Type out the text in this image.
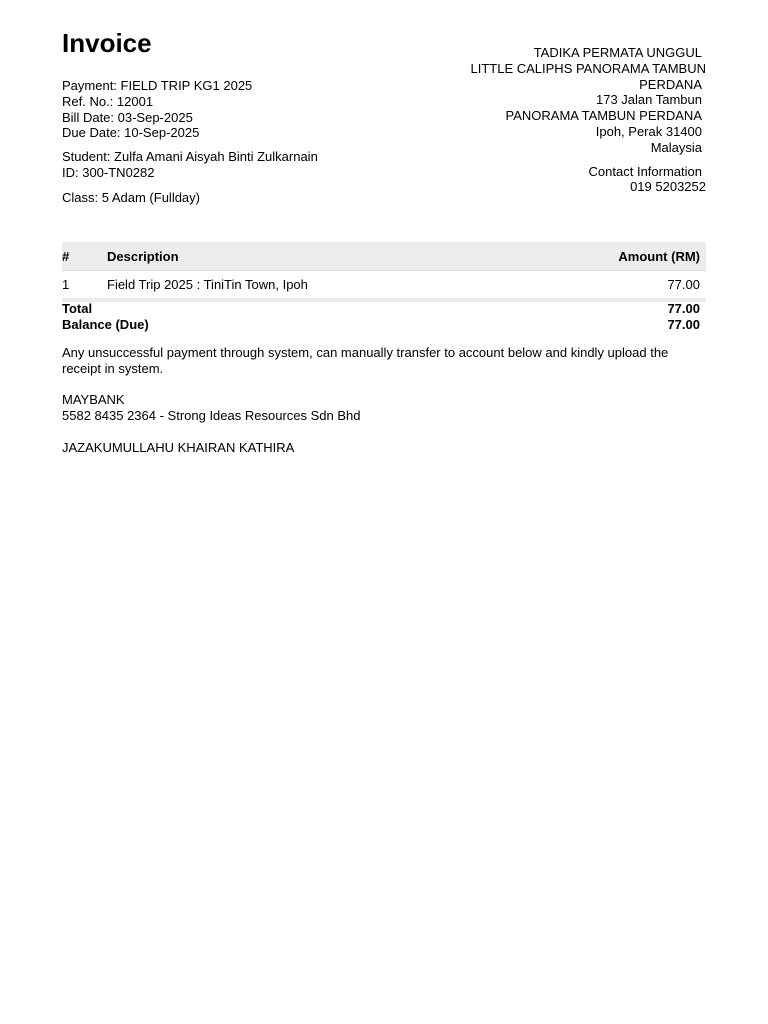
Invoice
Payment: FIELD TRIP KG1 2025
Ref. No.: 12001
Bill Date: 03-Sep-2025
Due Date: 10-Sep-2025
Student: Zulfa Amani Aisyah Binti Zulkarnain
ID: 300-TN0282
Class: 5 Adam (Fullday)
TADIKA PERMATA UNGGUL
LITTLE CALIPHS PANORAMA TAMBUN
PERDANA
173 Jalan Tambun
PANORAMA TAMBUN PERDANA
Ipoh, Perak 31400
Malaysia
Contact Information
019 5203252
#	Description	Amount (RM)
1	Field Trip 2025 : TiniTin Town, Ipoh	77.00
Total	77.00
Balance (Due)	77.00
Any unsuccessful payment through system, can manually transfer to account below and kindly upload the receipt in system.
MAYBANK
5582 8435 2364 - Strong Ideas Resources Sdn Bhd
JAZAKUMULLAHU KHAIRAN KATHIRA
